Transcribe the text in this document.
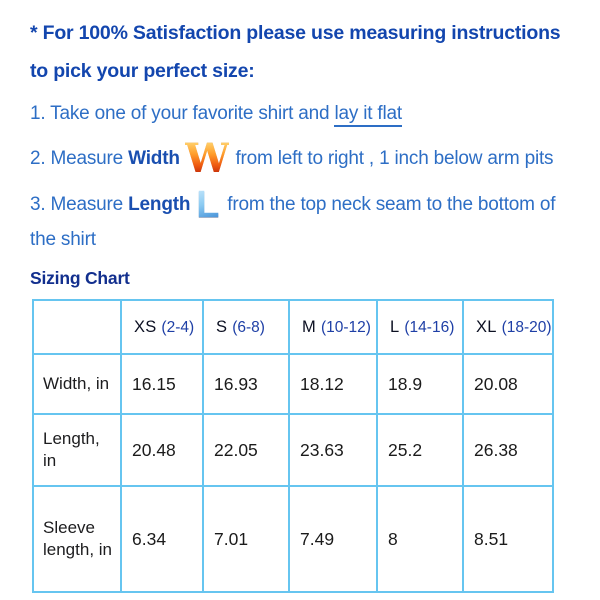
* For 100% Satisfaction please use measuring instructions
to pick your perfect size:

1. Take one of your favorite shirt and lay it flat

2. Measure Width W from left to right , 1 inch below arm pits

3. Measure Length L from the top neck seam to the bottom of

the shirt

Sizing Chart
	XS (2-4)	S (6-8)	M (10-12)	L (14-16)	XL (18-20)
Width, in	16.15	16.93	18.12	18.9	20.08
Length, in	20.48	22.05	23.63	25.2	26.38
Sleeve length, in	6.34	7.01	7.49	8	8.51
